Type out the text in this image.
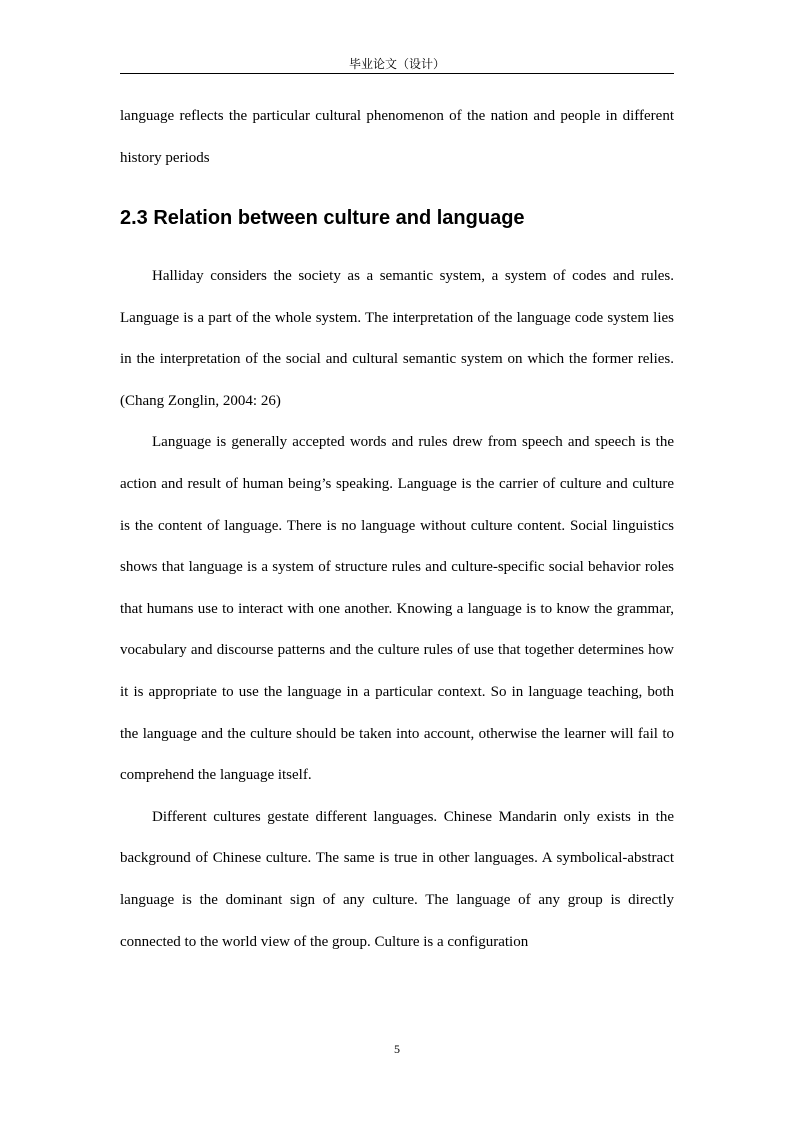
毕业论文（设计）

language reflects the particular cultural phenomenon of the nation and people in different history periods

2.3 Relation between culture and language

Halliday considers the society as a semantic system, a system of codes and rules. Language is a part of the whole system. The interpretation of the language code system lies in the interpretation of the social and cultural semantic system on which the former relies. (Chang Zonglin, 2004: 26)

Language is generally accepted words and rules drew from speech and speech is the action and result of human being’s speaking. Language is the carrier of culture and culture is the content of language. There is no language without culture content. Social linguistics shows that language is a system of structure rules and culture-specific social behavior roles that humans use to interact with one another. Knowing a language is to know the grammar, vocabulary and discourse patterns and the culture rules of use that together determines how it is appropriate to use the language in a particular context. So in language teaching, both the language and the culture should be taken into account, otherwise the learner will fail to comprehend the language itself.

Different cultures gestate different languages. Chinese Mandarin only exists in the background of Chinese culture. The same is true in other languages. A symbolical-abstract language is the dominant sign of any culture. The language of any group is directly connected to the world view of the group. Culture is a configuration

5
